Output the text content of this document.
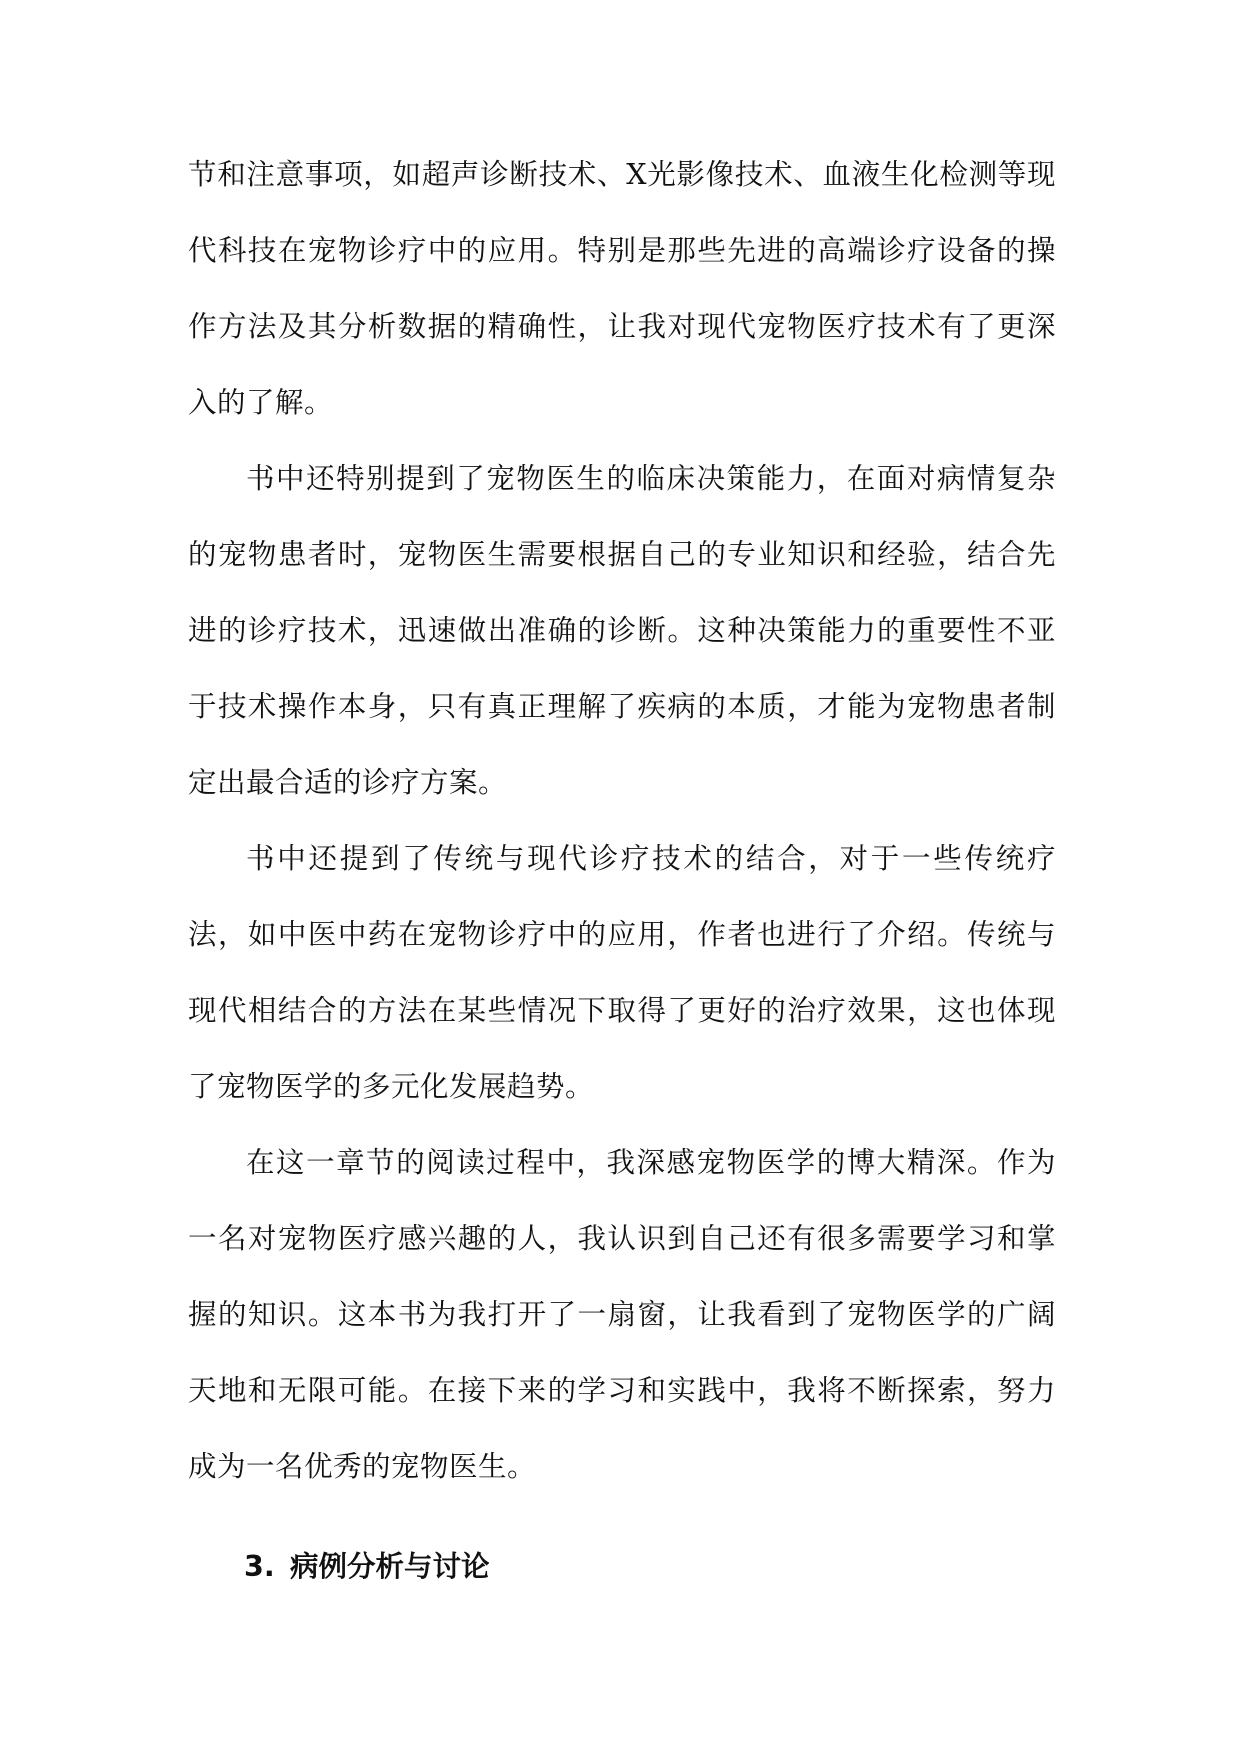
节和注意事项，如超声诊断技术、X光影像技术、血液生化检测等现代科技在宠物诊疗中的应用。特别是那些先进的高端诊疗设备的操作方法及其分析数据的精确性，让我对现代宠物医疗技术有了更深入的了解。

书中还特别提到了宠物医生的临床决策能力，在面对病情复杂的宠物患者时，宠物医生需要根据自己的专业知识和经验，结合先进的诊疗技术，迅速做出准确的诊断。这种决策能力的重要性不亚于技术操作本身，只有真正理解了疾病的本质，才能为宠物患者制定出最合适的诊疗方案。

书中还提到了传统与现代诊疗技术的结合，对于一些传统疗法，如中医中药在宠物诊疗中的应用，作者也进行了介绍。传统与现代相结合的方法在某些情况下取得了更好的治疗效果，这也体现了宠物医学的多元化发展趋势。

在这一章节的阅读过程中，我深感宠物医学的博大精深。作为一名对宠物医疗感兴趣的人，我认识到自己还有很多需要学习和掌握的知识。这本书为我打开了一扇窗，让我看到了宠物医学的广阔天地和无限可能。在接下来的学习和实践中，我将不断探索，努力成为一名优秀的宠物医生。

3. 病例分析与讨论
